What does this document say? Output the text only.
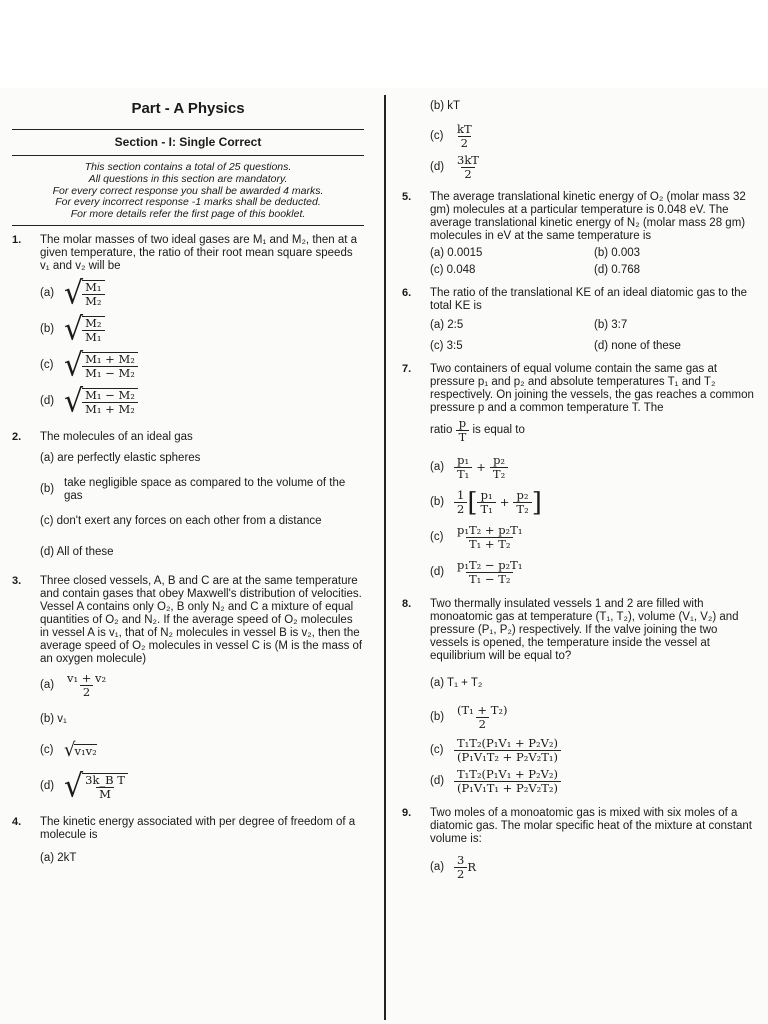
Part - A Physics
Section - I: Single Correct
This section contains a total of 25 questions.
All questions in this section are mandatory.
For every correct response you shall be awarded 4 marks.
For every incorrect response -1 marks shall be deducted.
For more details refer the first page of this booklet.
1.	The molar masses of two ideal gases are M₁ and M₂, then at a given temperature, the ratio of their root mean square speeds v₁ and v₂ will be
(a) √ $\frac{\text{M₁}}{\text{M₂}}$
(b) √ $\frac{\text{M₂}}{\text{M₁}}$
(c) √ $\frac{\text{M₁ + M₂}}{\text{M₁ − M₂}}$
(d) √ $\frac{\text{M₁ − M₂}}{\text{M₁ + M₂}}$
2.	The molecules of an ideal gas
(a) are perfectly elastic spheres
(b)
take negligible space as compared to the volume of the gas
(c) don't exert any forces on each other from a distance
(d) All of these
3.	Three closed vessels, A, B and C are at the same temperature and contain gases that obey Maxwell's distribution of velocities. Vessel A contains only O₂, B only N₂ and C a mixture of equal quantities of O₂ and N₂. If the average speed of O₂ molecules in vessel A is v₁, that of N₂ molecules in vessel B is v₂, then the average speed of O₂ molecules in vessel C is (M is the mass of an oxygen molecule)
$(a) \frac{\text{v₁ + v₂}}{2}$
(b) v₁
(c) √ v₁v₂
(d) √ $\frac{\text{3k\_B T}}{M}$
4.	The kinetic energy associated with per degree of freedom of a molecule is
(a) 2kT
(b) kT
$(c) \frac{kT}{2}$
$(d) \frac{3kT}{2}$
5.	The average translational kinetic energy of O₂ (molar mass 32 gm) molecules at a particular temperature is 0.048 eV. The average translational kinetic energy of N₂ (molar mass 28 gm) molecules in eV at the same temperature is
(a) 0.0015	(b) 0.003
(c) 0.048	(d) 0.768
6.	The ratio of the translational KE of an ideal diatomic gas to the total KE is
(a) 2:5	(b) 3:7
(c) 3:5	(d) none of these
7.	Two containers of equal volume contain the same gas at pressure p₁ and p₂ and absolute temperatures T₁ and T₂ respectively. On joining the vessels, the gas reaches a common pressure p and a common temperature T. The
ratio
$\frac{p}{T}$
is equal to
$(a) \frac{\text{p₁}}{\text{T₁}} + \frac{\text{p₂}}{\text{T₂}}$
$(b) \frac{1}{2}$ [ $\frac{\text{p₁}}{\text{T₁}} + \frac{\text{p₂}}{\text{T₂}}$ ]
$(c) \frac{\text{p₁T₂ + p₂T₁}}{\text{T₁ + T₂}}$
$(d) \frac{\text{p₁T₂ − p₂T₁}}{\text{T₁ − T₂}}$
8.	Two thermally insulated vessels 1 and 2 are filled with monoatomic gas at temperature (T₁, T₂), volume (V₁, V₂) and pressure (P₁, P₂) respectively. If the valve joining the two vessels is opened, the temperature inside the vessel at equilibrium will be equal to?
(a) T₁ + T₂
$(b) \frac{\text{(T₁ + T₂)}}{2}$
$(c) \frac{\text{T₁T₂(P₁V₁ + P₂V₂)}}{\text{(P₁V₁T₂ + P₂V₂T₁)}}$
$(d) \frac{\text{T₁T₂(P₁V₁ + P₂V₂)}}{\text{(P₁V₁T₁ + P₂V₂T₂)}}$
9.	Two moles of a monoatomic gas is mixed with six moles of a diatomic gas. The molar specific heat of the mixture at constant volume is:
$(a) \frac{3}{2}$ R
